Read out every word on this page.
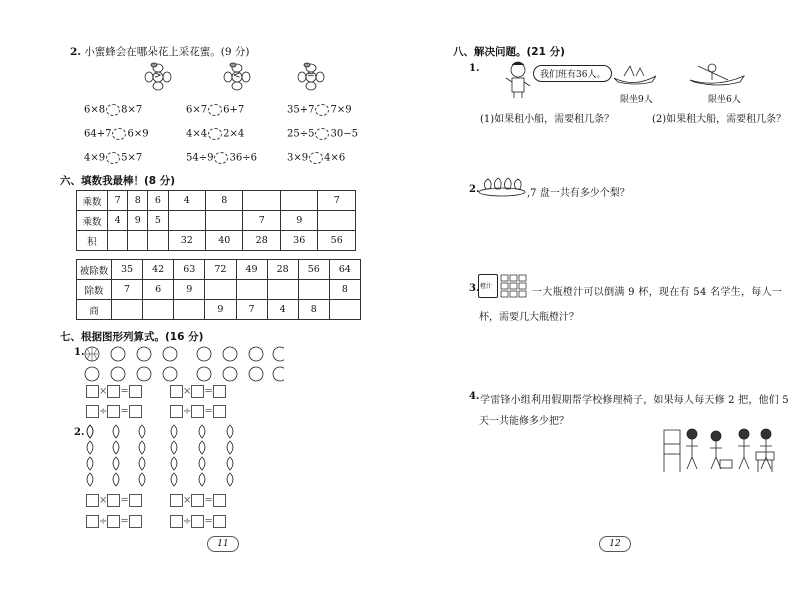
2. 小蜜蜂会在哪朵花上采花蜜。(9 分)
>	<	=
6×8 8×7	6×7 6+7	35+7 7×9
64+7 6×9	4×4 2×4	25÷5 30−5
4×9 5×7	54÷9 36÷6	3×9 4×6
六、填数我最棒！(8 分)
乘数	7	8	6	4	8			7
乘数	4	9	5			7	9	
积				32	40	28	36	56
被除数	35	42	63	72	49	28	56	64
除数	7	6	9					8
商				9	7	4	8	
七、根据图形列算式。(16 分)
1.
× =	× =
÷ =	÷ =
2.
× =	× =
÷ =	÷ =
11
八、解决问题。(21 分)
1.
我们班有36人。
限坐9人	限坐6人
(1)如果租小船，需要租几条？	(2)如果租大船，需要租几条？
2.	,7 盘一共有多少个梨？
3. 橙汁
一大瓶橙汁可以倒满 9 杯，现在有 54 名学生，每人一
杯，需要几大瓶橙汁？
4. 学雷锋小组利用假期帮学校修理椅子，如果每人每天修 2 把，他们 5
天一共能修多少把？
12
